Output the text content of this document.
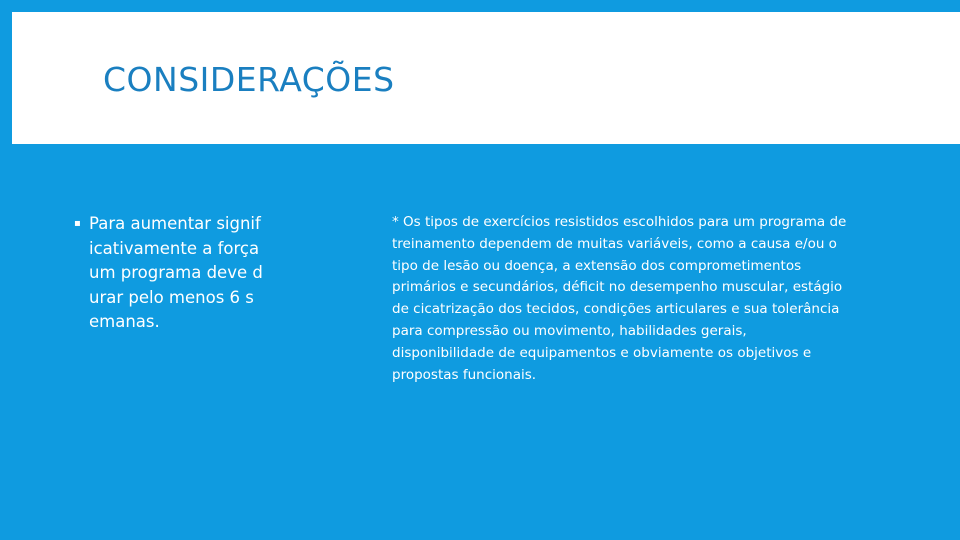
CONSIDERAÇÕES
▪ Para aumentar significativamente a força um programa deve durar pelo menos 6 semanas.

* Os tipos de exercícios resistidos escolhidos para um programa de treinamento dependem de muitas variáveis, como a causa e/ou o tipo de lesão ou doença, a extensão dos comprometimentos primários e secundários, déficit no desempenho muscular, estágio de cicatrização dos tecidos, condições articulares e sua tolerância para compressão ou movimento, habilidades gerais, disponibilidade de equipamentos e obviamente os objetivos e propostas funcionais.
